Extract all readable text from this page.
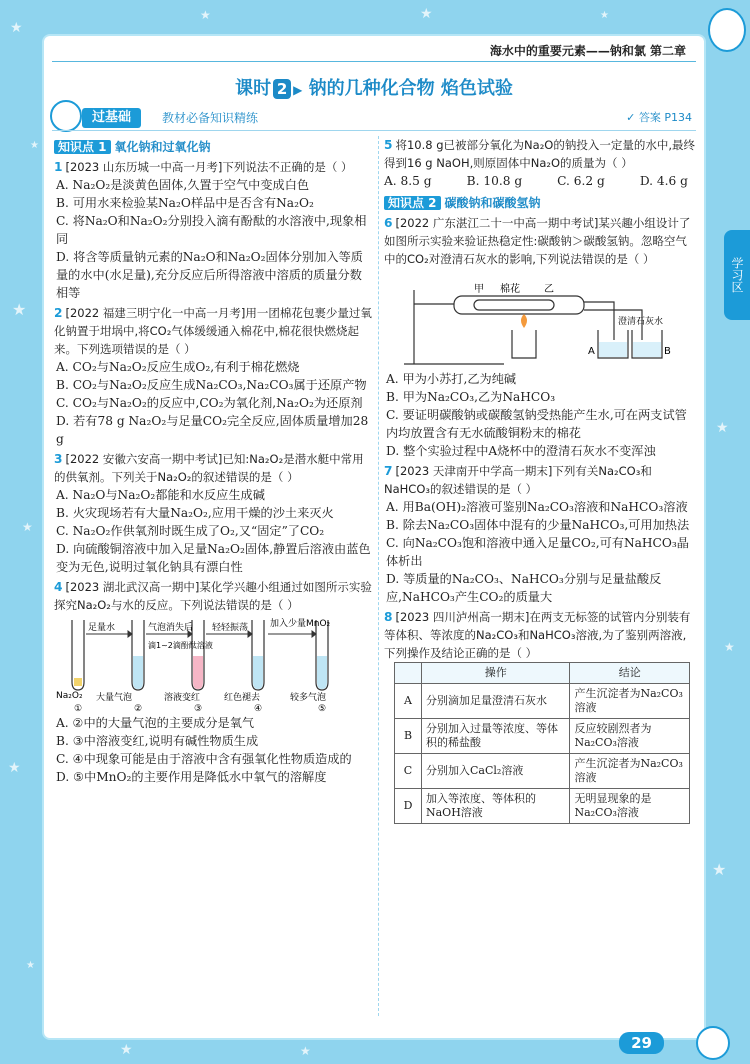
★
★
★
★
★
★
★	★	★
★
★
★
★
★
学习区
海水中的重要元素——钠和氯 第二章
课时 2 ▶ 钠的几种化合物 焰色试验
过基础	教材必备知识精练	✓ 答案 P134
知识点 1 氧化钠和过氧化钠
1 [2023 山东历城一中高一月考]下列说法不正确的是（ ）
A. Na₂O₂是淡黄色固体,久置于空气中变成白色
B. 可用水来检验某Na₂O样品中是否含有Na₂O₂
C. 将Na₂O和Na₂O₂分别投入滴有酚酞的水溶液中,现象相同
D. 将含等质量钠元素的Na₂O和Na₂O₂固体分别加入等质量的水中(水足量),充分反应后所得溶液中溶质的质量分数相等
2 [2022 福建三明宁化一中高一月考]用一团棉花包裹少量过氧化钠置于坩埚中,将CO₂气体缓缓通入棉花中,棉花很快燃烧起来。下列选项错误的是（ ）
A. CO₂与Na₂O₂反应生成O₂,有利于棉花燃烧
B. CO₂与Na₂O₂反应生成Na₂CO₃,Na₂CO₃属于还原产物
C. CO₂与Na₂O₂的反应中,CO₂为氧化剂,Na₂O₂为还原剂
D. 若有78 g Na₂O₂与足量CO₂完全反应,固体质量增加28 g
3 [2022 安徽六安高一期中考试]已知:Na₂O₂是潜水艇中常用的供氧剂。下列关于Na₂O₂的叙述错误的是（ ）
A. Na₂O与Na₂O₂都能和水反应生成碱
B. 火灾现场若有大量Na₂O₂,应用干燥的沙土来灭火
C. Na₂O₂作供氧剂时既生成了O₂,又“固定”了CO₂
D. 向硫酸铜溶液中加入足量Na₂O₂固体,静置后溶液由蓝色变为无色,说明过氧化钠具有漂白性
4 [2023 湖北武汉高一期中]某化学兴趣小组通过如图所示实验探究Na₂O₂与水的反应。下列说法错误的是（ ）
足量水	气泡消失后 轻轻振荡 加入少量MnO₂
滴1~2滴酚酞溶液
Na₂O₂ 大量气泡	溶液变红	红色褪去	较多气泡
①	②	③	④	⑤
A. ②中的大量气泡的主要成分是氧气
B. ③中溶液变红,说明有碱性物质生成
C. ④中现象可能是由于溶液中含有强氧化性物质造成的
D. ⑤中MnO₂的主要作用是降低水中氧气的溶解度
5 将10.8 g已被部分氧化为Na₂O的钠投入一定量的水中,最终得到16 g NaOH,则原固体中Na₂O的质量为（ ）
A. 8.5 g	B. 10.8 g	C. 6.2 g	D. 4.6 g
知识点 2 碳酸钠和碳酸氢钠
6 [2022 广东湛江二十一中高一期中考试]某兴趣小组设计了如图所示实验来验证热稳定性:碳酸钠＞碳酸氢钠。忽略空气中的CO₂对澄清石灰水的影响,下列说法错误的是（ ）
甲 棉花 乙
澄清石灰水
A	B
A. 甲为小苏打,乙为纯碱
B. 甲为Na₂CO₃,乙为NaHCO₃
C. 要证明碳酸钠或碳酸氢钠受热能产生水,可在两支试管内均放置含有无水硫酸铜粉末的棉花
D. 整个实验过程中A烧杯中的澄清石灰水不变浑浊
7 [2023 天津南开中学高一期末]下列有关Na₂CO₃和NaHCO₃的叙述错误的是（ ）
A. 用Ba(OH)₂溶液可鉴别Na₂CO₃溶液和NaHCO₃溶液
B. 除去Na₂CO₃固体中混有的少量NaHCO₃,可用加热法
C. 向Na₂CO₃饱和溶液中通入足量CO₂,可有NaHCO₃晶体析出
D. 等质量的Na₂CO₃、NaHCO₃分别与足量盐酸反应,NaHCO₃产生CO₂的质量大
8 [2023 四川泸州高一期末]在两支无标签的试管内分别装有等体积、等浓度的Na₂CO₃和NaHCO₃溶液,为了鉴别两溶液,下列操作及结论正确的是（ ）
	操作	结论
A	分别滴加足量澄清石灰水	产生沉淀者为Na₂CO₃溶液
B	分别加入过量等浓度、等体积的稀盐酸	反应较剧烈者为Na₂CO₃溶液
C	分别加入CaCl₂溶液	产生沉淀者为Na₂CO₃溶液
D	加入等浓度、等体积的NaOH溶液	无明显现象的是Na₂CO₃溶液
29
